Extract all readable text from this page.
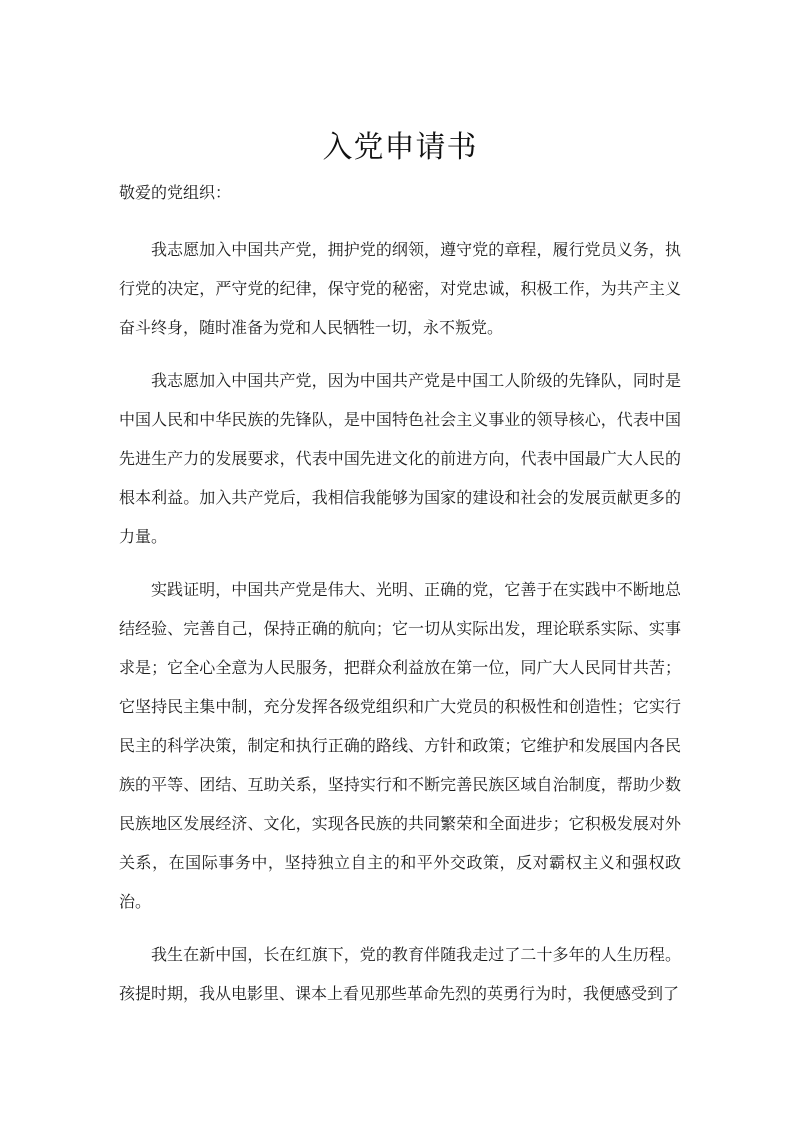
入党申请书

敬爱的党组织：

我志愿加入中国共产党，拥护党的纲领，遵守党的章程，履行党员义务，执行党的决定，严守党的纪律，保守党的秘密，对党忠诚，积极工作，为共产主义奋斗终身，随时准备为党和人民牺牲一切，永不叛党。

我志愿加入中国共产党，因为中国共产党是中国工人阶级的先锋队，同时是中国人民和中华民族的先锋队，是中国特色社会主义事业的领导核心，代表中国先进生产力的发展要求，代表中国先进文化的前进方向，代表中国最广大人民的根本利益。加入共产党后，我相信我能够为国家的建设和社会的发展贡献更多的力量。

实践证明，中国共产党是伟大、光明、正确的党，它善于在实践中不断地总结经验、完善自己，保持正确的航向；它一切从实际出发，理论联系实际、实事求是；它全心全意为人民服务，把群众利益放在第一位，同广大人民同甘共苦；它坚持民主集中制，充分发挥各级党组织和广大党员的积极性和创造性；它实行民主的科学决策，制定和执行正确的路线、方针和政策；它维护和发展国内各民族的平等、团结、互助关系，坚持实行和不断完善民族区域自治制度，帮助少数民族地区发展经济、文化，实现各民族的共同繁荣和全面进步；它积极发展对外关系，在国际事务中，坚持独立自主的和平外交政策，反对霸权主义和强权政治。

我生在新中国，长在红旗下，党的教育伴随我走过了二十多年的人生历程。孩提时期，我从电影里、课本上看见那些革命先烈的英勇行为时，我便感受到了
